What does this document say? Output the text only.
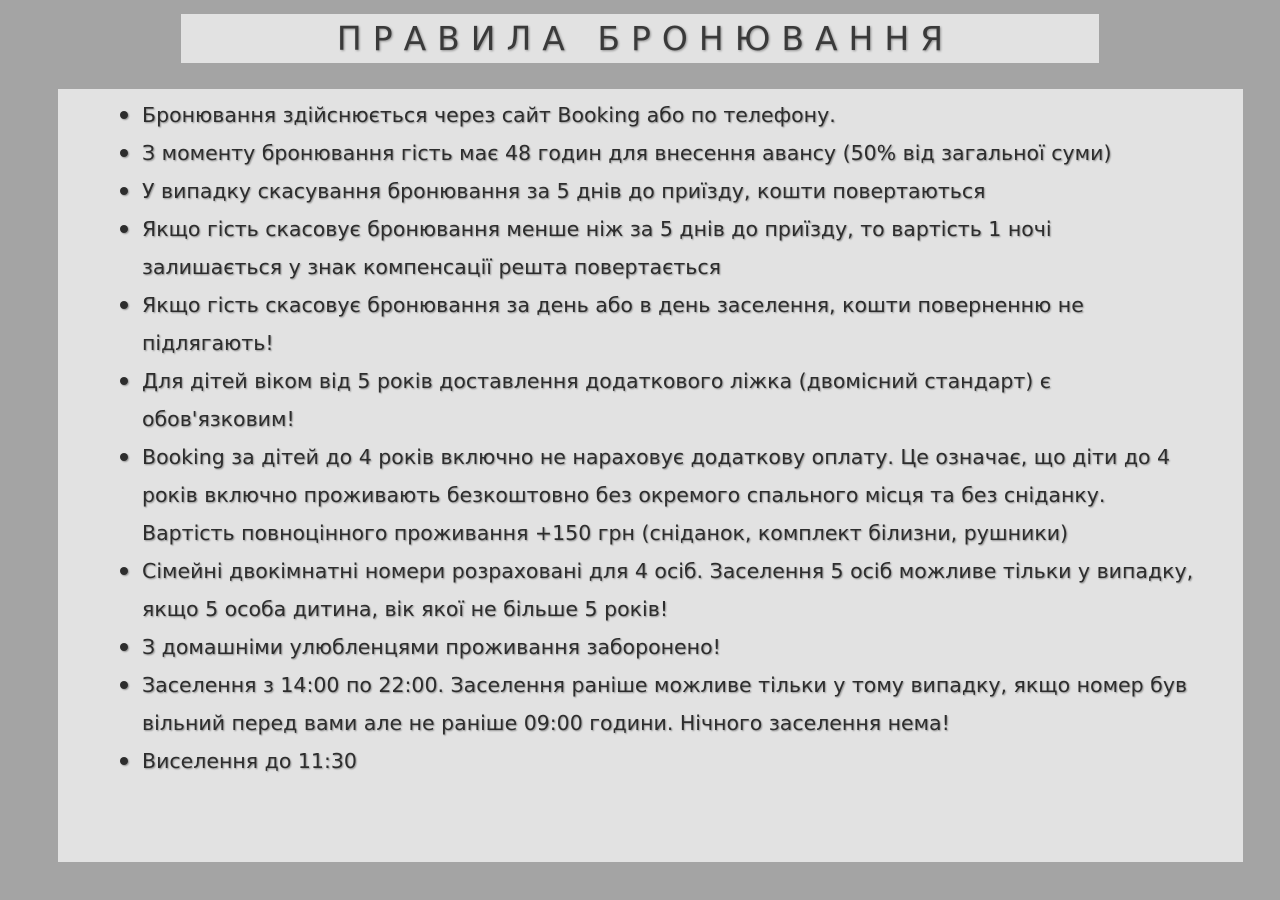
ПРАВИЛА БРОНЮВАННЯ
Бронювання здійснюється через сайт Booking або по телефону.
З моменту бронювання гість має 48 годин для внесення авансу (50% від загальної суми)
У випадку скасування бронювання за 5 днів до приїзду, кошти повертаються
Якщо гість скасовує бронювання менше ніж за 5 днів до приїзду, то вартість 1 ночі залишається у знак компенсації решта повертається
Якщо гість скасовує бронювання за день або в день заселення, кошти поверненню не підлягають!
Для дітей віком від 5 років доставлення додаткового ліжка (двомісний стандарт) є обов'язковим!
Booking за дітей до 4 років включно не нараховує додаткову оплату. Це означає, що діти до 4 років включно проживають безкоштовно без окремого спального місця та без сніданку. Вартість повноцінного проживання +150 грн (сніданок, комплект білизни, рушники)
Сімейні двокімнатні номери розраховані для 4 осіб. Заселення 5 осіб можливе тільки у випадку, якщо 5 особа дитина, вік якої не більше 5 років!
З домашніми улюбленцями проживання заборонено!
Заселення з 14:00 по 22:00. Заселення раніше можливе тільки у тому випадку, якщо номер був вільний перед вами але не раніше 09:00 години. Нічного заселення нема!
Виселення до 11:30
